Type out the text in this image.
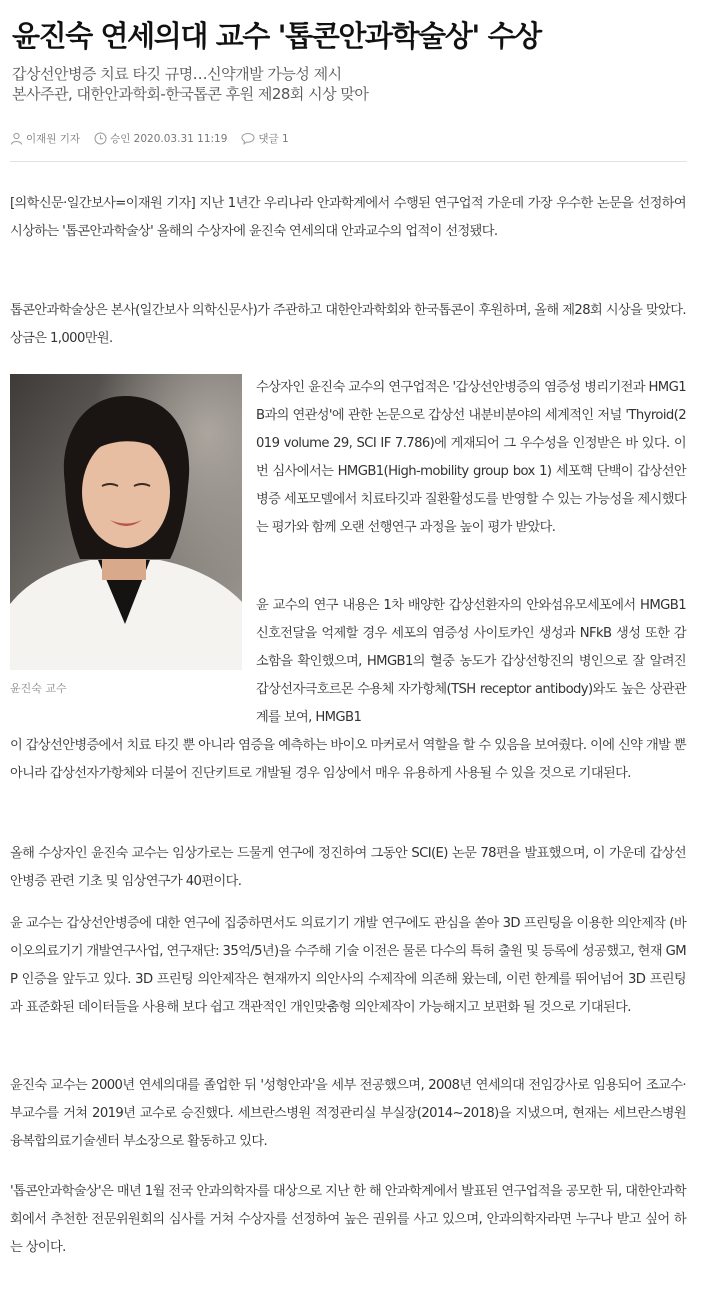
윤진숙 연세의대 교수 '톱콘안과학술상' 수상
갑상선안병증 치료 타깃 규명…신약개발 가능성 제시
본사주관, 대한안과학회-한국톱콘 후원 제28회 시상 맞아
이재원 기자	승인 2020.03.31 11:19	댓글 1

[의학신문·일간보사=이재원 기자] 지난 1년간 우리나라 안과학계에서 수행된 연구업적 가운데 가장 우수한 논문을 선정하여 시상하는 '톱콘안과학술상' 올해의 수상자에 윤진숙 연세의대 안과교수의 업적이 선정됐다.

톱콘안과학술상은 본사(일간보사 의학신문사)가 주관하고 대한안과학회와 한국톱콘이 후원하며, 올해 제28회 시상을 맞았다. 상금은 1,000만원.

윤진숙 교수

수상자인 윤진숙 교수의 연구업적은 '갑상선안병증의 염증성 병리기전과 HMG1B과의 연관성'에 관한 논문으로 갑상선 내분비분야의 세계적인 저널 'Thyroid(2019 volume 29, SCI IF 7.786)에 게재되어 그 우수성을 인정받은 바 있다. 이번 심사에서는 HMGB1(High-mobility group box 1) 세포핵 단백이 갑상선안병증 세포모델에서 치료타깃과 질환활성도를 반영할 수 있는 가능성을 제시했다는 평가와 함께 오랜 선행연구 과정을 높이 평가 받았다.

윤 교수의 연구 내용은 1차 배양한 갑상선환자의 안와섬유모세포에서 HMGB1 신호전달을 억제할 경우 세포의 염증성 사이토카인 생성과 NFkB 생성 또한 감소함을 확인했으며, HMGB1의 혈중 농도가 갑상선항진의 병인으로 잘 알려진 갑상선자극호르몬 수용체 자가항체(TSH receptor antibody)와도 높은 상관관계를 보여, HMGB1

이 갑상선안병증에서 치료 타깃 뿐 아니라 염증을 예측하는 바이오 마커로서 역할을 할 수 있음을 보여줬다. 이에 신약 개발 뿐 아니라 갑상선자가항체와 더불어 진단키트로 개발될 경우 임상에서 매우 유용하게 사용될 수 있을 것으로 기대된다.

올해 수상자인 윤진숙 교수는 임상가로는 드물게 연구에 정진하여 그동안 SCI(E) 논문 78편을 발표했으며, 이 가운데 갑상선안병증 관련 기초 및 임상연구가 40편이다.

윤 교수는 갑상선안병증에 대한 연구에 집중하면서도 의료기기 개발 연구에도 관심을 쏟아 3D 프린팅을 이용한 의안제작 (바이오의료기기 개발연구사업, 연구재단: 35억/5년)을 수주해 기술 이전은 물론 다수의 특허 출원 및 등록에 성공했고, 현재 GMP 인증을 앞두고 있다. 3D 프린팅 의안제작은 현재까지 의안사의 수제작에 의존해 왔는데, 이런 한계를 뛰어넘어 3D 프린팅과 표준화된 데이터들을 사용해 보다 쉽고 객관적인 개인맞춤형 의안제작이 가능해지고 보편화 될 것으로 기대된다.

윤진숙 교수는 2000년 연세의대를 졸업한 뒤 '성형안과'을 세부 전공했으며, 2008년 연세의대 전임강사로 임용되어 조교수·부교수를 거쳐 2019년 교수로 승진했다. 세브란스병원 적정관리실 부실장(2014~2018)을 지냈으며, 현재는 세브란스병원 융복합의료기술센터 부소장으로 활동하고 있다.

'톱콘안과학술상'은 매년 1월 전국 안과의학자를 대상으로 지난 한 해 안과학계에서 발표된 연구업적을 공모한 뒤, 대한안과학회에서 추천한 전문위원회의 심사를 거쳐 수상자를 선정하여 높은 권위를 사고 있으며, 안과의학자라면 누구나 받고 싶어 하는 상이다.
